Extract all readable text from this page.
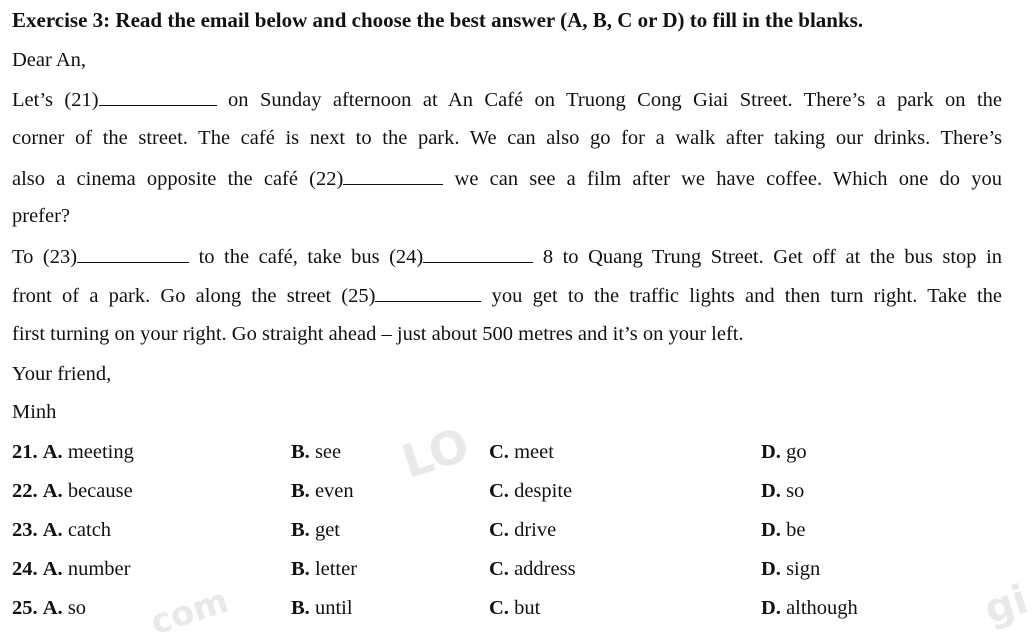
LO
com	gi
Exercise 3: Read the email below and choose the best answer (A, B, C or D) to fill in the blanks.
Dear An,
Let’s (21)	on Sunday afternoon at An Café on Truong Cong Giai Street. There’s a park on the
corner of the street. The café is next to the park. We can also go for a walk after taking our drinks. There’s
also a cinema opposite the café (22)	we can see a film after we have coffee. Which one do you
prefer?
To (23)	to the café, take bus (24)	8 to Quang Trung Street. Get off at the bus stop in
front of a park. Go along the street (25)	you get to the traffic lights and then turn right. Take the
first turning on your right. Go straight ahead – just about 500 metres and it’s on your left.
Your friend,
Minh
21. A. meeting	B. see	C. meet	D. go
22. A. because	B. even	C. despite	D. so
23. A. catch	B. get	C. drive	D. be
24. A. number	B. letter	C. address	D. sign
25. A. so	B. until	C. but	D. although
